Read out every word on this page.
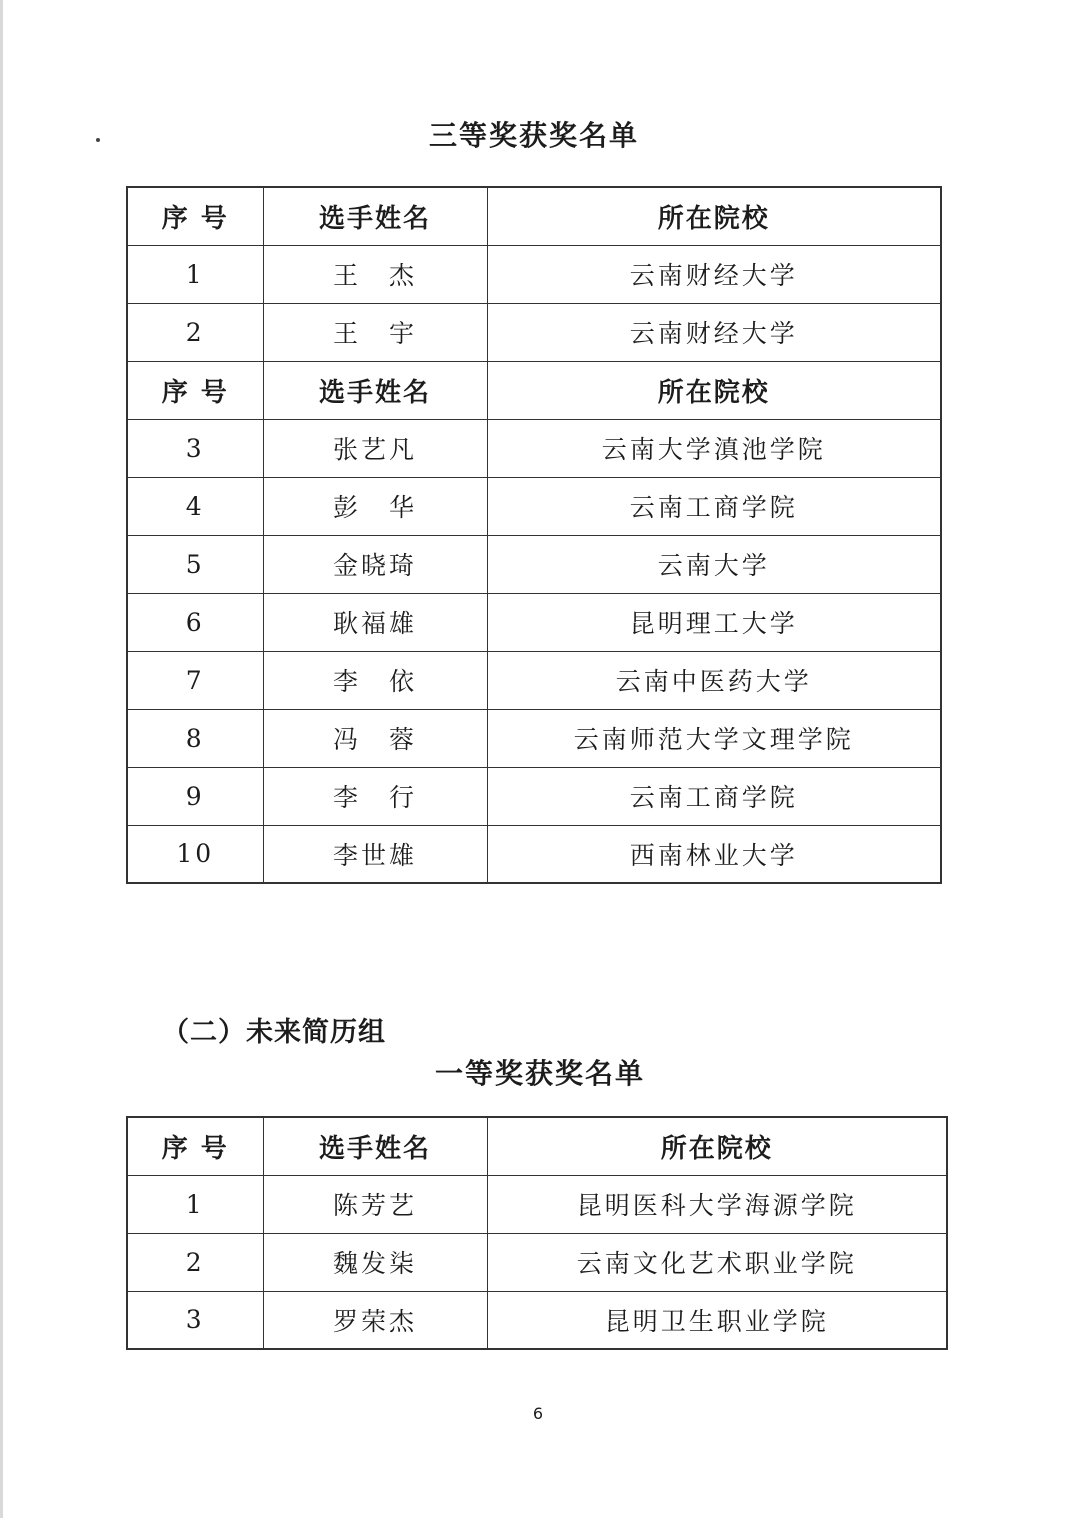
三等奖获奖名单
序 号	选手姓名	所在院校
1	王　杰	云南财经大学
2	王　宇	云南财经大学
序 号	选手姓名	所在院校
3	张艺凡	云南大学滇池学院
4	彭　华	云南工商学院
5	金晓琦	云南大学
6	耿福雄	昆明理工大学
7	李　依	云南中医药大学
8	冯　蓉	云南师范大学文理学院
9	李　行	云南工商学院
10	李世雄	西南林业大学
（二）未来简历组
一等奖获奖名单
序 号	选手姓名	所在院校
1	陈芳艺	昆明医科大学海源学院
2	魏发柒	云南文化艺术职业学院
3	罗荣杰	昆明卫生职业学院
6
